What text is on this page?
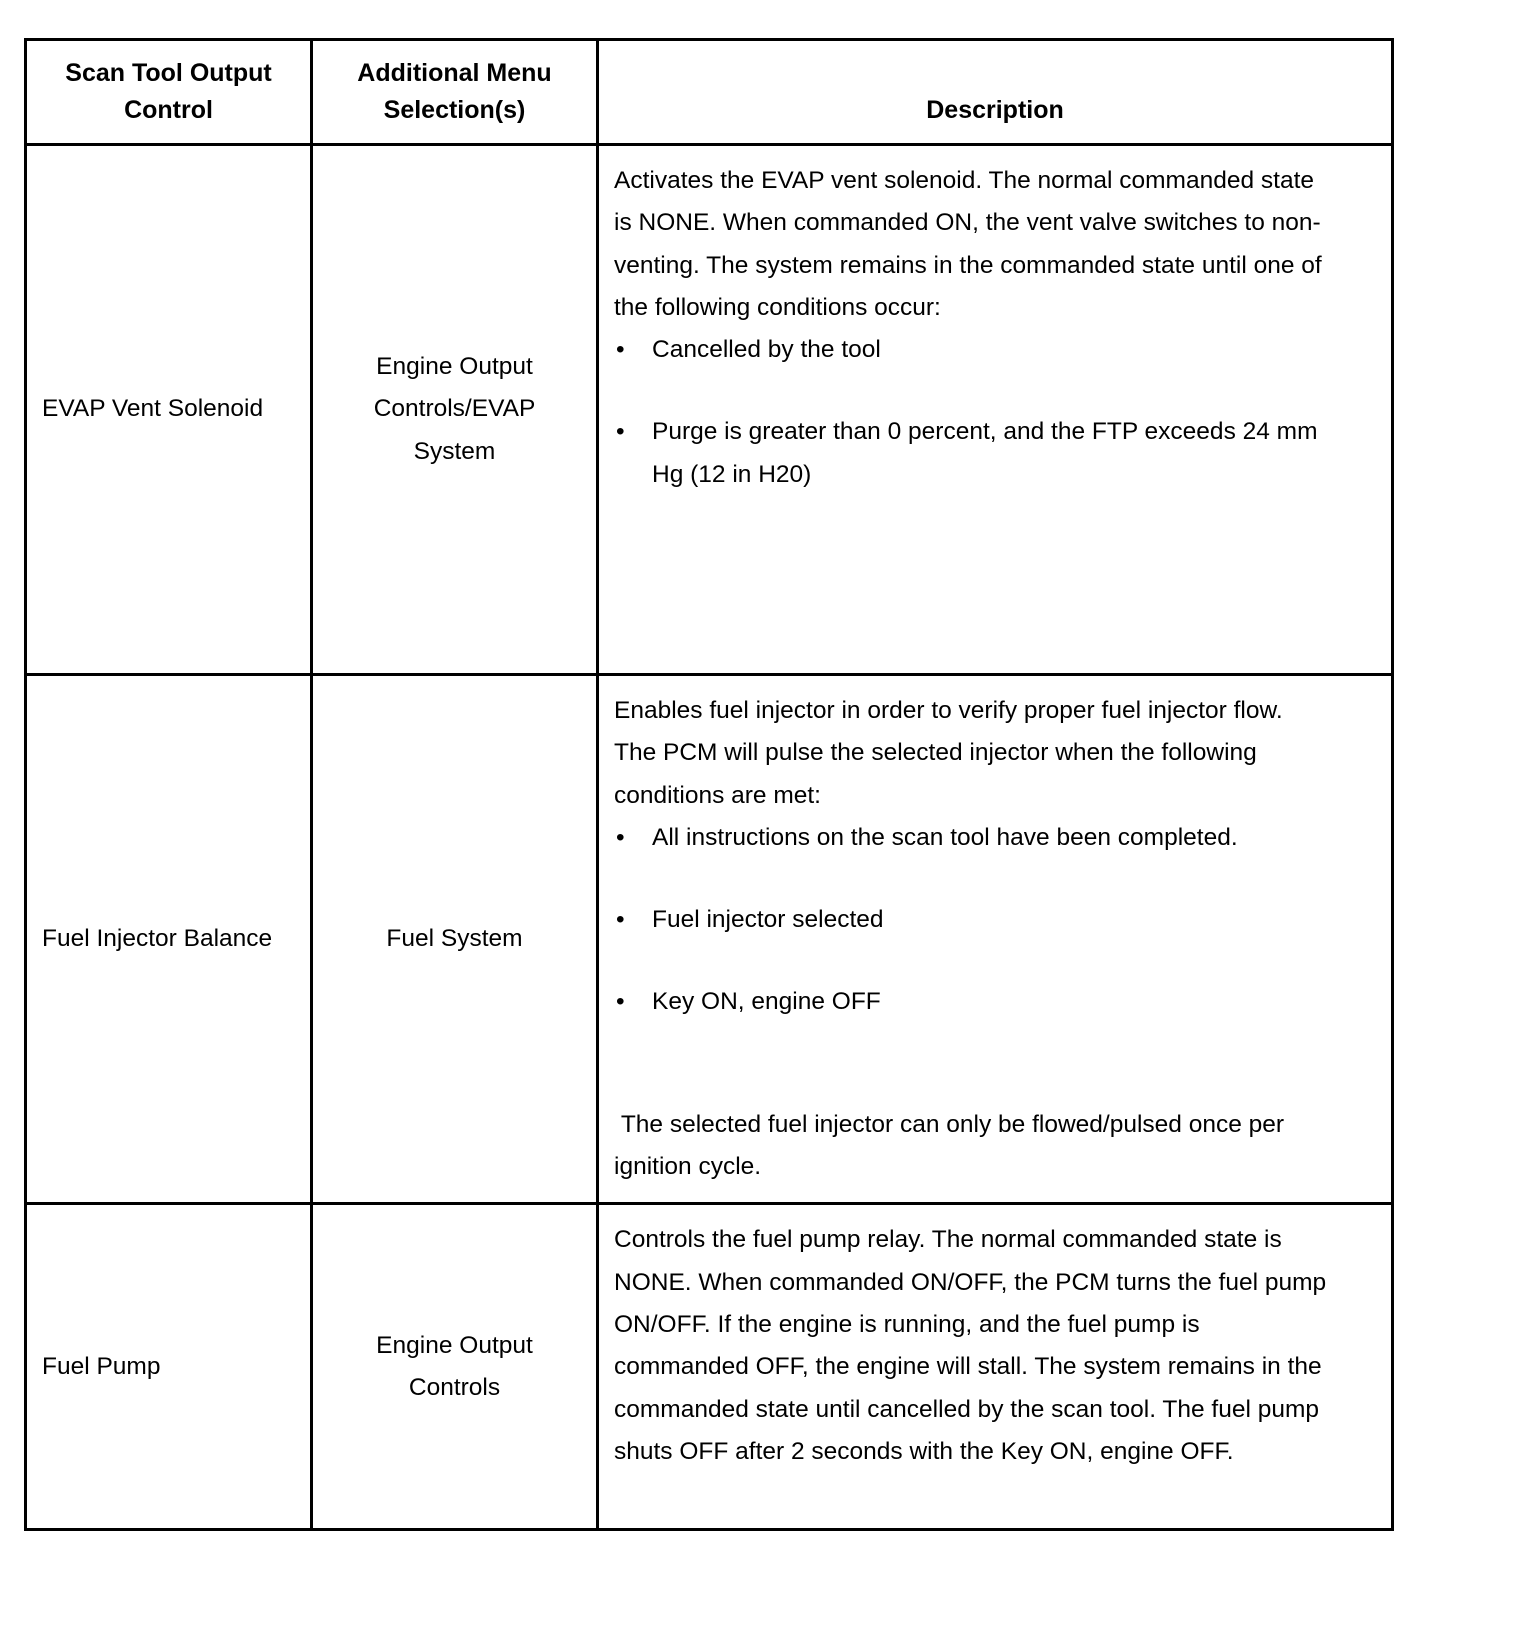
Scan Tool Output Control	Additional Menu Selection(s)	Description
EVAP Vent Solenoid	Engine Output Controls/EVAP System	Activates the EVAP vent solenoid. The normal commanded state is NONE. When commanded ON, the vent valve switches to non-venting. The system remains in the commanded state until one of the following conditions occur:

• Cancelled by the tool

• Purge is greater than 0 percent, and the FTP exceeds 24 mm Hg (12 in H20)

Fuel Injector Balance	Fuel System	Enables fuel injector in order to verify proper fuel injector flow. The PCM will pulse the selected injector when the following conditions are met:

• All instructions on the scan tool have been completed.

• Fuel injector selected

• Key ON, engine OFF

The selected fuel injector can only be flowed/pulsed once per ignition cycle.

Fuel Pump	Engine Output Controls	Controls the fuel pump relay. The normal commanded state is NONE. When commanded ON/OFF, the PCM turns the fuel pump ON/OFF. If the engine is running, and the fuel pump is commanded OFF, the engine will stall. The system remains in the commanded state until cancelled by the scan tool. The fuel pump shuts OFF after 2 seconds with the Key ON, engine OFF.
